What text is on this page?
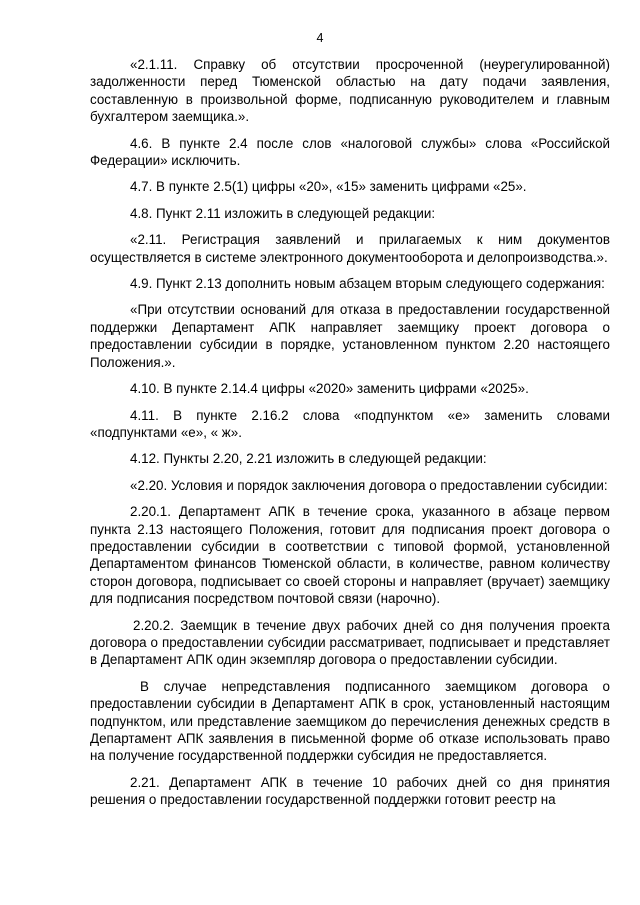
4

«2.1.11. Справку об отсутствии просроченной (неурегулированной) задолженности перед Тюменской областью на дату подачи заявления, составленную в произвольной форме, подписанную руководителем и главным бухгалтером заемщика.».

4.6. В пункте 2.4 после слов «налоговой службы» слова «Российской Федерации» исключить.

4.7. В пункте 2.5(1) цифры «20», «15» заменить цифрами «25».

4.8. Пункт 2.11 изложить в следующей редакции:

«2.11. Регистрация заявлений и прилагаемых к ним документов осуществляется в системе электронного документооборота и делопроизводства.».

4.9. Пункт 2.13 дополнить новым абзацем вторым следующего содержания:

«При отсутствии оснований для отказа в предоставлении государственной поддержки Департамент АПК направляет заемщику проект договора о предоставлении субсидии в порядке, установленном пунктом 2.20 настоящего Положения.».

4.10. В пункте 2.14.4 цифры «2020» заменить цифрами «2025».

4.11. В пункте 2.16.2 слова «подпунктом «е» заменить словами «подпунктами «е», « ж».

4.12. Пункты 2.20, 2.21 изложить в следующей редакции:

«2.20. Условия и порядок заключения договора о предоставлении субсидии:

2.20.1. Департамент АПК в течение срока, указанного в абзаце первом пункта 2.13 настоящего Положения, готовит для подписания проект договора о предоставлении субсидии в соответствии с типовой формой, установленной Департаментом финансов Тюменской области, в количестве, равном количеству сторон договора, подписывает со своей стороны и направляет (вручает) заемщику для подписания посредством почтовой связи (нарочно).

2.20.2. Заемщик в течение двух рабочих дней со дня получения проекта договора о предоставлении субсидии рассматривает, подписывает и представляет в Департамент АПК один экземпляр договора о предоставлении субсидии.

В случае непредставления подписанного заемщиком договора о предоставлении субсидии в Департамент АПК в срок, установленный настоящим подпунктом, или представление заемщиком до перечисления денежных средств в Департамент АПК заявления в письменной форме об отказе использовать право на получение государственной поддержки субсидия не предоставляется.

2.21. Департамент АПК в течение 10 рабочих дней со дня принятия решения о предоставлении государственной поддержки готовит реестр на
